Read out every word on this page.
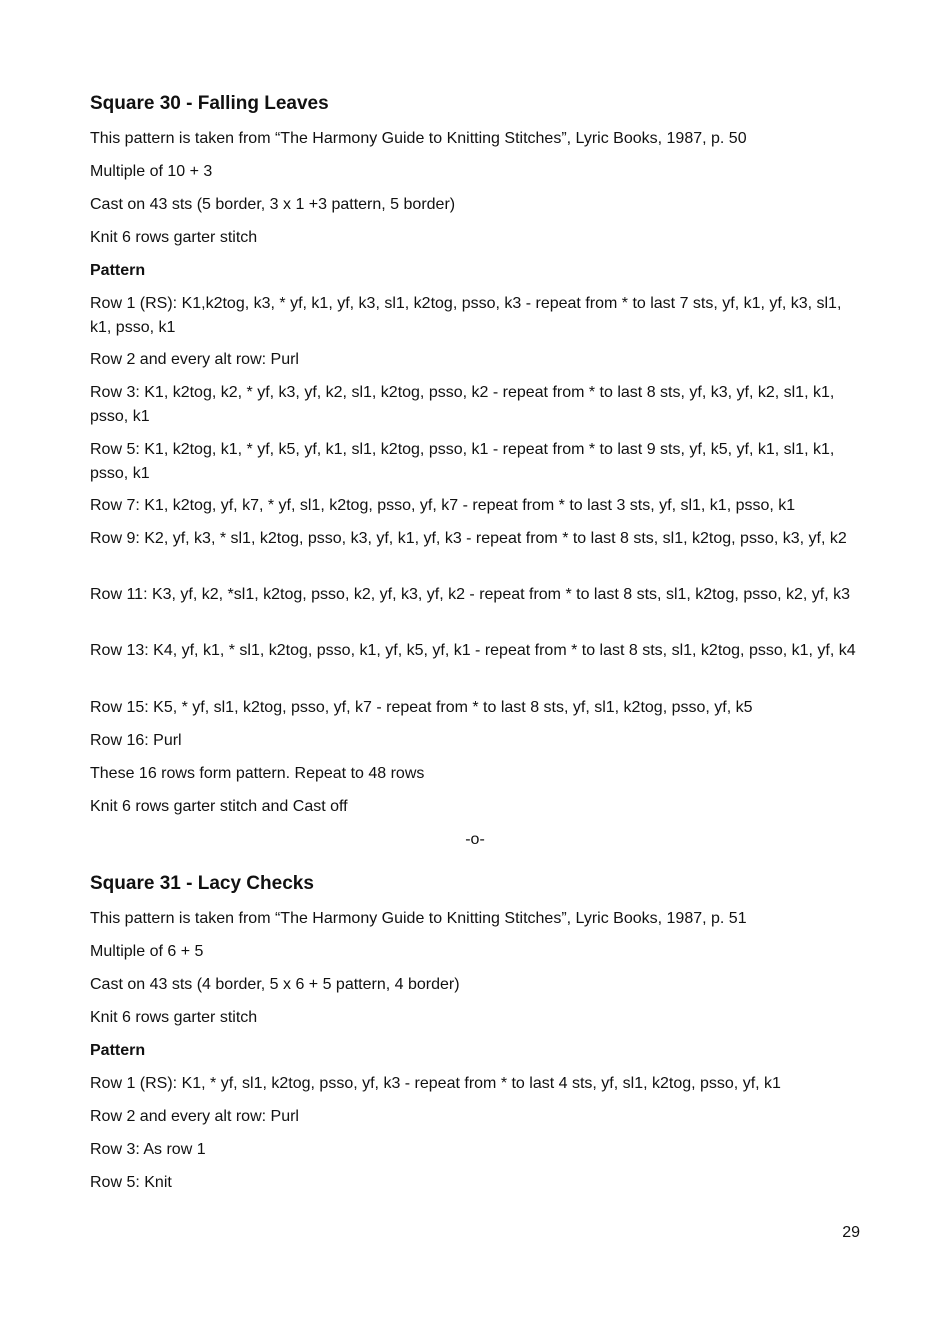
Square 30 - Falling Leaves
This pattern is taken from “The Harmony Guide to Knitting Stitches”, Lyric Books, 1987, p. 50
Multiple of 10 + 3
Cast on 43 sts (5 border, 3 x 1 +3 pattern, 5 border)
Knit 6 rows garter stitch
Pattern
Row 1 (RS): K1,k2tog, k3, * yf, k1, yf, k3, sl1, k2tog, psso, k3 - repeat from * to last 7 sts, yf, k1, yf, k3, sl1, k1, psso, k1
Row 2 and every alt row: Purl
Row 3: K1, k2tog, k2, * yf, k3, yf, k2, sl1, k2tog, psso, k2 - repeat from * to last 8 sts, yf, k3, yf, k2, sl1, k1, psso, k1
Row 5: K1, k2tog, k1, * yf, k5, yf, k1, sl1, k2tog, psso, k1 - repeat from * to last 9 sts, yf, k5, yf, k1, sl1, k1, psso, k1
Row 7: K1, k2tog, yf, k7, * yf, sl1, k2tog, psso, yf, k7 - repeat from * to last 3 sts, yf, sl1, k1, psso, k1
Row 9: K2, yf, k3, * sl1, k2tog, psso, k3, yf, k1, yf, k3 - repeat from * to last 8 sts, sl1, k2tog, psso, k3, yf, k2
Row 11: K3, yf, k2, *sl1, k2tog, psso, k2, yf, k3, yf, k2 - repeat from * to last 8 sts, sl1, k2tog, psso, k2, yf, k3
Row 13: K4, yf, k1, * sl1, k2tog, psso, k1, yf, k5, yf, k1 - repeat from * to last 8 sts, sl1, k2tog, psso, k1, yf, k4
Row 15: K5, * yf, sl1, k2tog, psso, yf, k7 - repeat from * to last 8 sts, yf, sl1, k2tog, psso, yf, k5
Row 16: Purl
These 16 rows form pattern. Repeat to 48 rows
Knit 6 rows garter stitch and Cast off
-o-
Square 31 - Lacy Checks
This pattern is taken from “The Harmony Guide to Knitting Stitches”, Lyric Books, 1987, p. 51
Multiple of 6 + 5
Cast on 43 sts (4 border, 5 x 6 + 5 pattern, 4 border)
Knit 6 rows garter stitch
Pattern
Row 1 (RS): K1, * yf, sl1, k2tog, psso, yf, k3 - repeat from * to last 4 sts, yf, sl1, k2tog, psso, yf, k1
Row 2 and every alt row: Purl
Row 3: As row 1
Row 5: Knit
29
